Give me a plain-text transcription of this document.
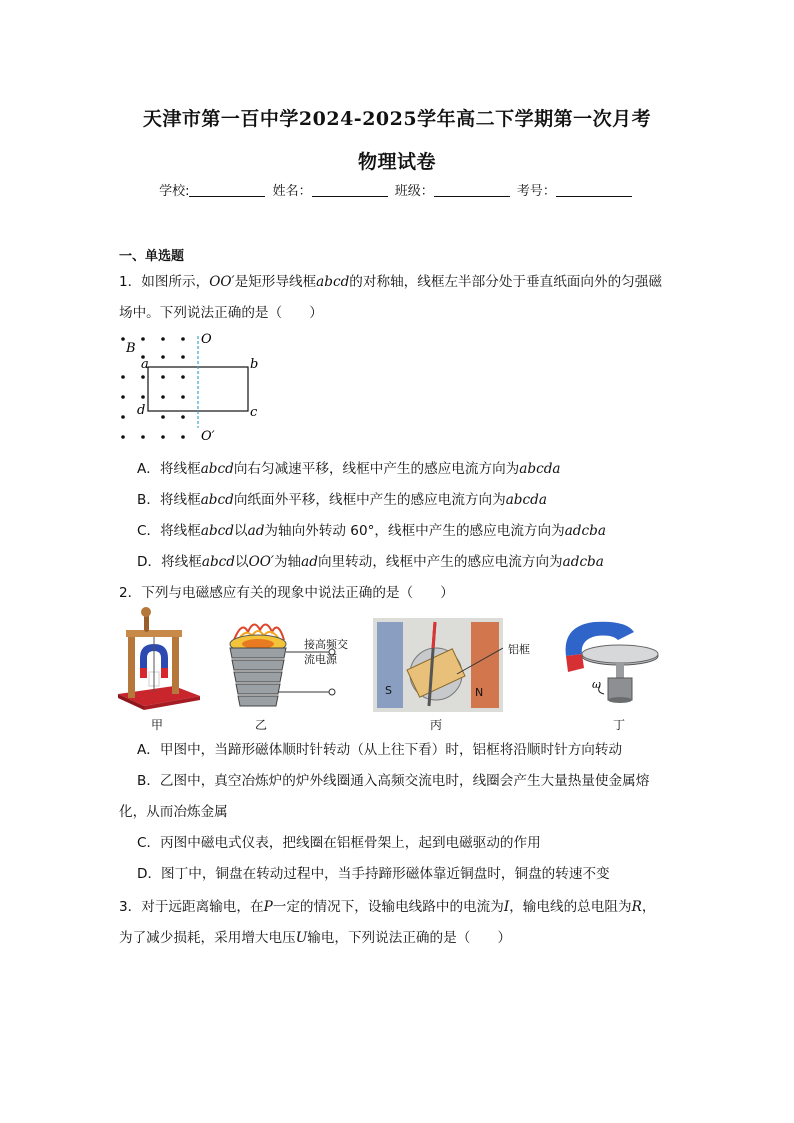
天津市第一百中学2024-2025学年高二下学期第一次月考
物理试卷
学校:	姓名：	班级：	考号：
一、单选题
1．如图所示，OO′是矩形导线框abcd的对称轴，线框左半部分处于垂直纸面向外的匀强磁
场中。下列说法正确的是（　　）
B
O
O′
a	b
c
d
A．将线框abcd向右匀减速平移，线框中产生的感应电流方向为abcda
B．将线框abcd向纸面外平移，线框中产生的感应电流方向为abcda
C．将线框abcd以ad为轴向外转动 60°，线框中产生的感应电流方向为adcba
D．将线框abcd以OO′为轴ad向里转动，线框中产生的感应电流方向为adcba
2．下列与电磁感应有关的现象中说法正确的是（　　）
甲
接高频交
流电源
乙
S	N
铝框
丙
ω
丁
A．甲图中，当蹄形磁体顺时针转动（从上往下看）时，铝框将沿顺时针方向转动
B．乙图中，真空冶炼炉的炉外线圈通入高频交流电时，线圈会产生大量热量使金属熔
化，从而冶炼金属
C．丙图中磁电式仪表，把线圈在铝框骨架上，起到电磁驱动的作用
D．图丁中，铜盘在转动过程中，当手持蹄形磁体靠近铜盘时，铜盘的转速不变
3．对于远距离输电，在P一定的情况下，设输电线路中的电流为I，输电线的总电阻为R，
为了减少损耗，采用增大电压U输电，下列说法正确的是（　　）
